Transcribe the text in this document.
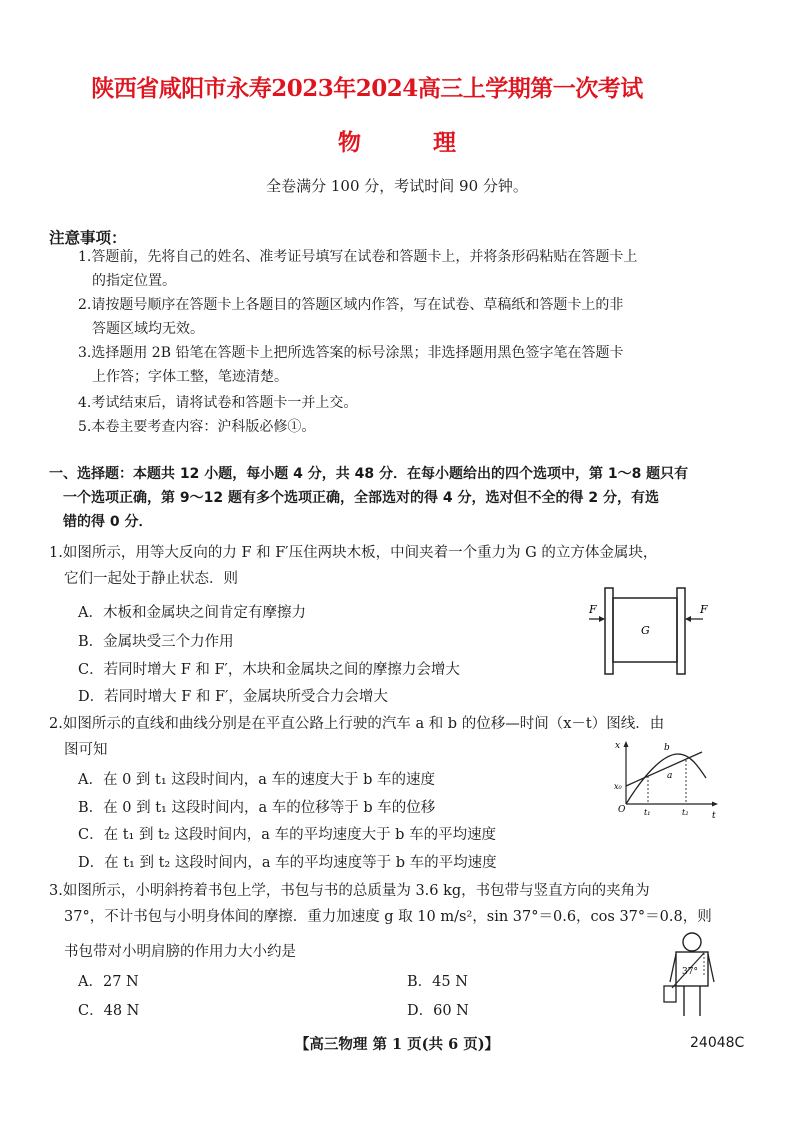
陕西省咸阳市永寿2023年2024高三上学期第一次考试
物 理
全卷满分 100 分，考试时间 90 分钟。
注意事项：
1.答题前，先将自己的姓名、准考证号填写在试卷和答题卡上，并将条形码粘贴在答题卡上
的指定位置。
2.请按题号顺序在答题卡上各题目的答题区域内作答，写在试卷、草稿纸和答题卡上的非
答题区域均无效。
3.选择题用 2B 铅笔在答题卡上把所选答案的标号涂黑；非选择题用黑色签字笔在答题卡
上作答；字体工整，笔迹清楚。
4.考试结束后，请将试卷和答题卡一并上交。
5.本卷主要考查内容：沪科版必修①。
一、选择题：本题共 12 小题，每小题 4 分，共 48 分．在每小题给出的四个选项中，第 1～8 题只有
一个选项正确，第 9～12 题有多个选项正确，全部选对的得 4 分，选对但不全的得 2 分，有选
错的得 0 分．
1.如图所示，用等大反向的力 F 和 F′压住两块木板，中间夹着一个重力为 G 的立方体金属块，
它们一起处于静止状态．则
A．木板和金属块之间肯定有摩擦力
B．金属块受三个力作用
C．若同时增大 F 和 F′，木块和金属块之间的摩擦力会增大
D．若同时增大 F 和 F′，金属块所受合力会增大
F	F
G
2.如图所示的直线和曲线分别是在平直公路上行驶的汽车 a 和 b 的位移—时间（x－t）图线．由
图可知
A．在 0 到 t₁ 这段时间内，a 车的速度大于 b 车的速度
B．在 0 到 t₁ 这段时间内，a 车的位移等于 b 车的位移
C．在 t₁ 到 t₂ 这段时间内，a 车的平均速度大于 b 车的平均速度
D．在 t₁ 到 t₂ 这段时间内，a 车的平均速度等于 b 车的平均速度
x
t
x₀
O t₁	t₂
b
a
3.如图所示，小明斜挎着书包上学，书包与书的总质量为 3.6 kg，书包带与竖直方向的夹角为
37°，不计书包与小明身体间的摩擦．重力加速度 g 取 10 m/s²，sin 37°＝0.6，cos 37°＝0.8，则
书包带对小明肩膀的作用力大小约是
A．27 N	B．45 N
C．48 N	D．60 N
37°
【高三物理 第 1 页(共 6 页)】	24048C
